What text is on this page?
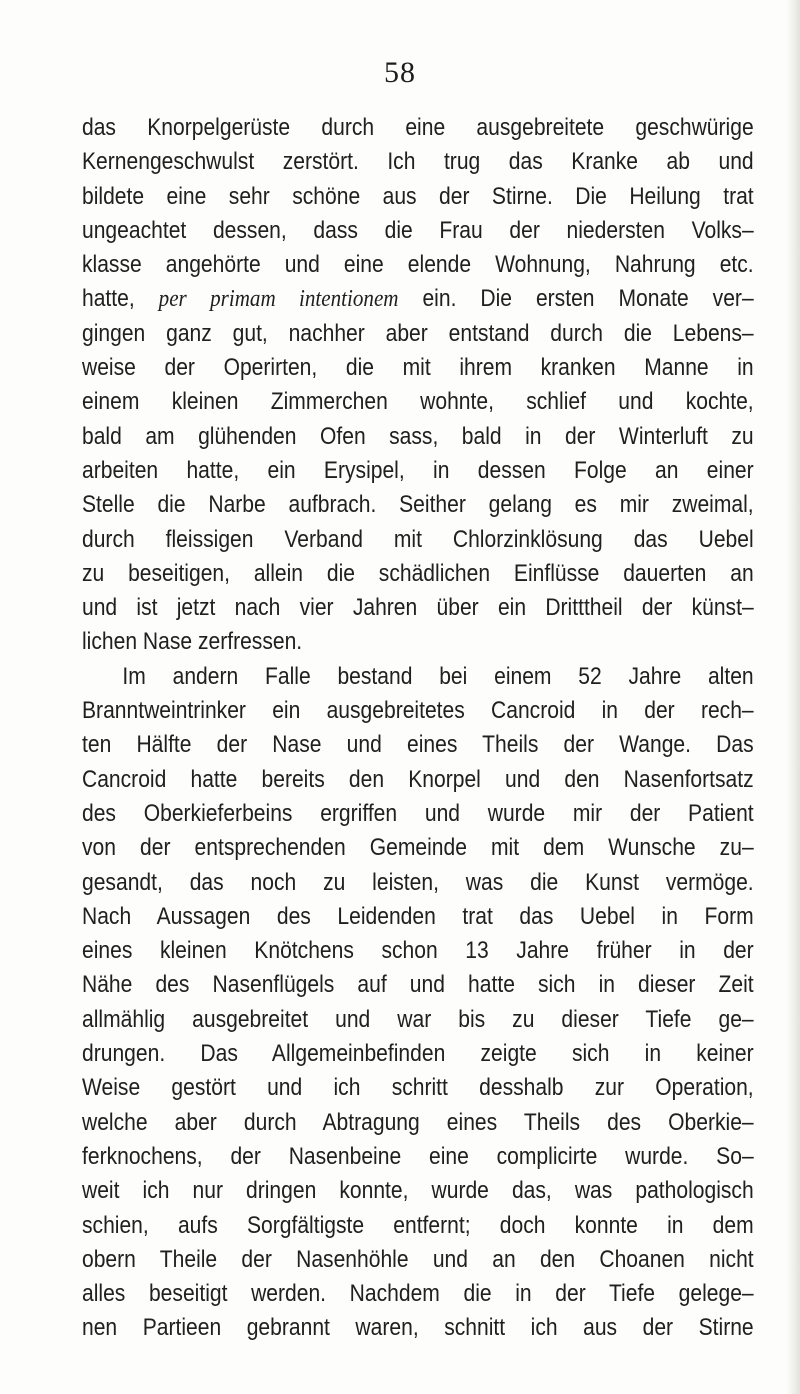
58
das Knorpelgerüste durch eine ausgebreitete geschwürige
Kernengeschwulst zerstört. Ich trug das Kranke ab und
bildete eine sehr schöne aus der Stirne. Die Heilung trat
ungeachtet dessen, dass die Frau der niedersten Volks–
klasse angehörte und eine elende Wohnung, Nahrung etc.
hatte, per primam intentionem ein. Die ersten Monate ver–
gingen ganz gut, nachher aber entstand durch die Lebens–
weise der Operirten, die mit ihrem kranken Manne in
einem kleinen Zimmerchen wohnte, schlief und kochte,
bald am glühenden Ofen sass, bald in der Winterluft zu
arbeiten hatte, ein Erysipel, in dessen Folge an einer
Stelle die Narbe aufbrach. Seither gelang es mir zweimal,
durch fleissigen Verband mit Chlorzinklösung das Uebel
zu beseitigen, allein die schädlichen Einflüsse dauerten an
und ist jetzt nach vier Jahren über ein Dritttheil der künst–
lichen Nase zerfressen.
Im andern Falle bestand bei einem 52 Jahre alten
Branntweintrinker ein ausgebreitetes Cancroid in der rech–
ten Hälfte der Nase und eines Theils der Wange. Das
Cancroid hatte bereits den Knorpel und den Nasenfortsatz
des Oberkieferbeins ergriffen und wurde mir der Patient
von der entsprechenden Gemeinde mit dem Wunsche zu–
gesandt, das noch zu leisten, was die Kunst vermöge.
Nach Aussagen des Leidenden trat das Uebel in Form
eines kleinen Knötchens schon 13 Jahre früher in der
Nähe des Nasenflügels auf und hatte sich in dieser Zeit
allmählig ausgebreitet und war bis zu dieser Tiefe ge–
drungen. Das Allgemeinbefinden zeigte sich in keiner
Weise gestört und ich schritt desshalb zur Operation,
welche aber durch Abtragung eines Theils des Oberkie–
ferknochens, der Nasenbeine eine complicirte wurde. So–
weit ich nur dringen konnte, wurde das, was pathologisch
schien, aufs Sorgfältigste entfernt; doch konnte in dem
obern Theile der Nasenhöhle und an den Choanen nicht
alles beseitigt werden. Nachdem die in der Tiefe gelege–
nen Partieen gebrannt waren, schnitt ich aus der Stirne
